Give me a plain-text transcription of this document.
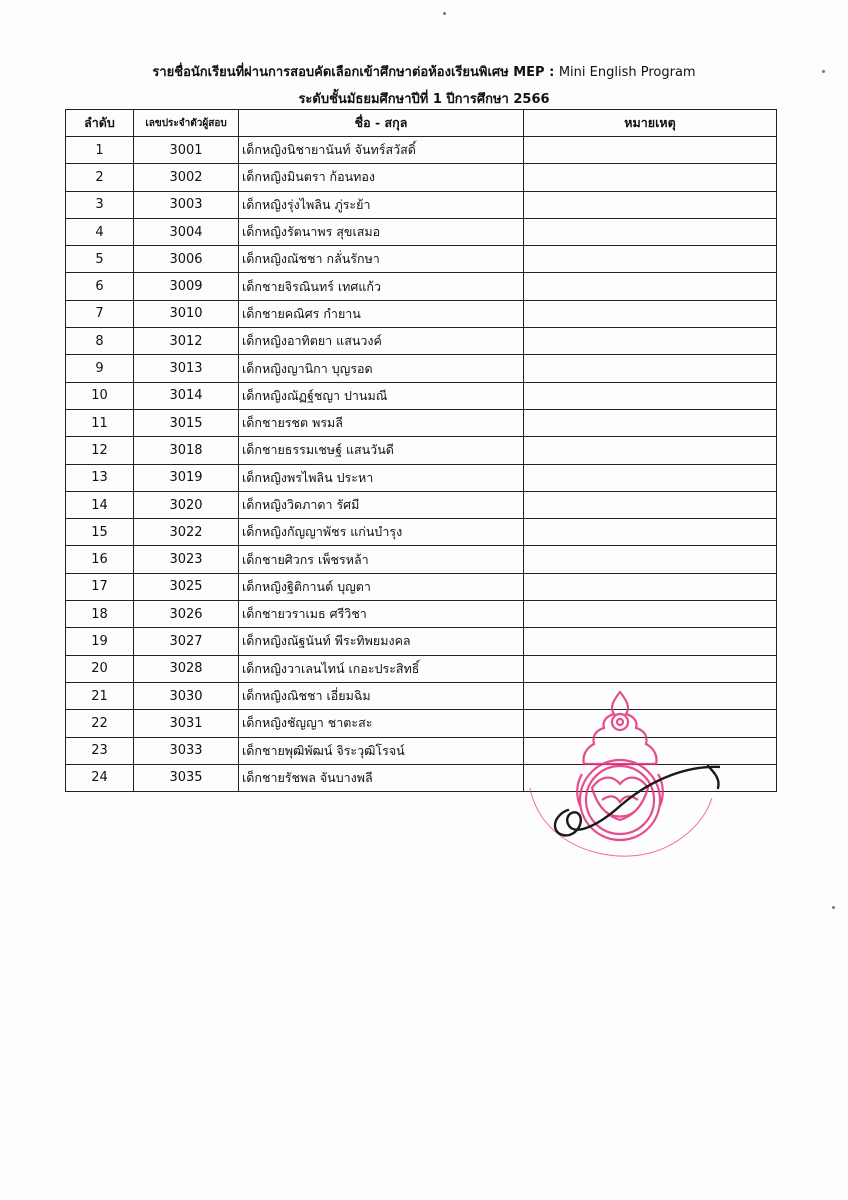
รายชื่อนักเรียนที่ผ่านการสอบคัดเลือกเข้าศึกษาต่อห้องเรียนพิเศษ MEP : Mini English Program
ระดับชั้นมัธยมศึกษาปีที่ 1 ปีการศึกษา 2566
ลำดับ	เลขประจำตัวผู้สอบ	ชื่อ - สกุล	หมายเหตุ
1	3001	เด็กหญิงนิชายานันท์ จันทร์สวัสดิ์	
2	3002	เด็กหญิงมินตรา ก้อนทอง	
3	3003	เด็กหญิงรุ่งไพลิน ภู่ระย้า	
4	3004	เด็กหญิงรัตนาพร สุขเสมอ	
5	3006	เด็กหญิงณัชชา กลั่นรักษา	
6	3009	เด็กชายจิรณินทร์ เทศแก้ว	
7	3010	เด็กชายคณิศร กำยาน	
8	3012	เด็กหญิงอาทิตยา แสนวงค์	
9	3013	เด็กหญิงญานิกา บุญรอด	
10	3014	เด็กหญิงณัฏฐ์ชญา ปานมณี	
11	3015	เด็กชายรชต พรมลี	
12	3018	เด็กชายธรรมเชษฐ์ แสนวันดี	
13	3019	เด็กหญิงพรไพลิน ประหา	
14	3020	เด็กหญิงวิดภาดา รัศมี	
15	3022	เด็กหญิงกัญญาพัชร แก่นบำรุง	
16	3023	เด็กชายศิวกร เพ็ชรหล้า	
17	3025	เด็กหญิงฐิติกานต์ บุญตา	
18	3026	เด็กชายวราเมธ ศรีวิชา	
19	3027	เด็กหญิงณัฐนันท์ พีระทิพยมงคล	
20	3028	เด็กหญิงวาเลนไทน์ เกอะประสิทธิ์	
21	3030	เด็กหญิงณิชชา เอี่ยมฉิม	
22	3031	เด็กหญิงชัญญา ชาตะสะ	
23	3033	เด็กชายพุฒิพัฒน์ จิระวุฒิโรจน์	
24	3035	เด็กชายรัชพล จันบางพลี	
